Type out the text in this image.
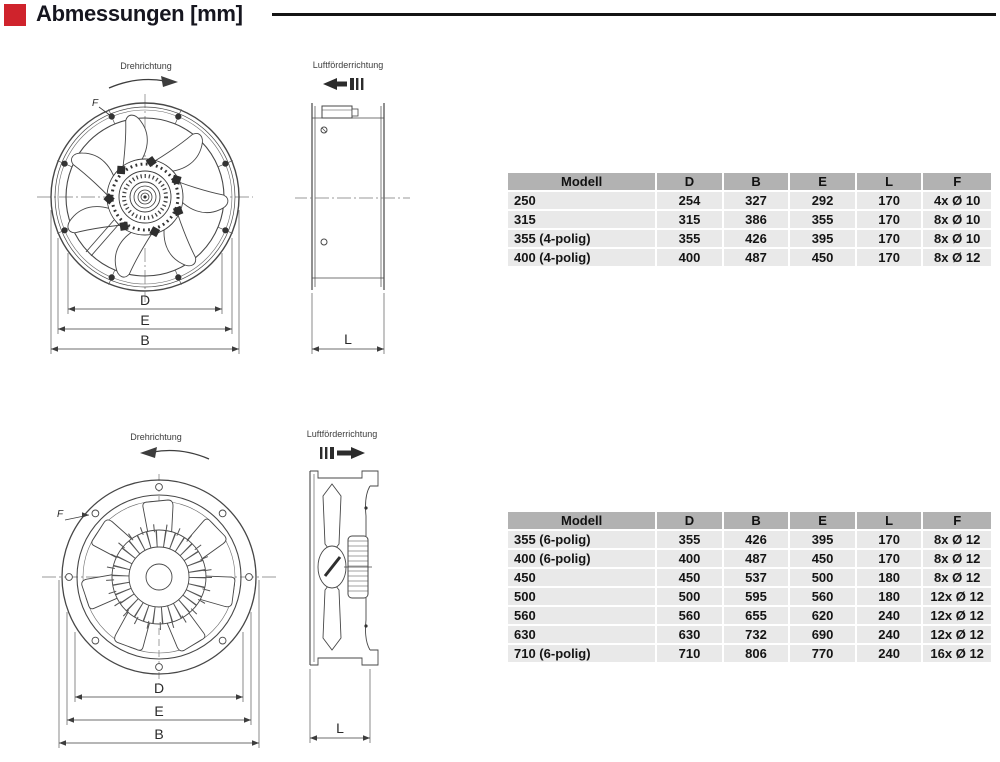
Abmessungen [mm]
Drehrichtung	Luftförderrichtung
F
D
E
B	L
Modell	D	B	E	L	F
250	254	327	292	170	4x Ø 10
315	315	386	355	170	8x Ø 10
355 (4-polig)	355	426	395	170	8x Ø 10
400 (4-polig)	400	487	450	170	8x Ø 12
Drehrichtung	Luftförderrichtung
F
D
E
B	L
Modell	D	B	E	L	F
355 (6-polig)	355	426	395	170	8x Ø 12
400 (6-polig)	400	487	450	170	8x Ø 12
450	450	537	500	180	8x Ø 12
500	500	595	560	180	12x Ø 12
560	560	655	620	240	12x Ø 12
630	630	732	690	240	12x Ø 12
710 (6-polig)	710	806	770	240	16x Ø 12
